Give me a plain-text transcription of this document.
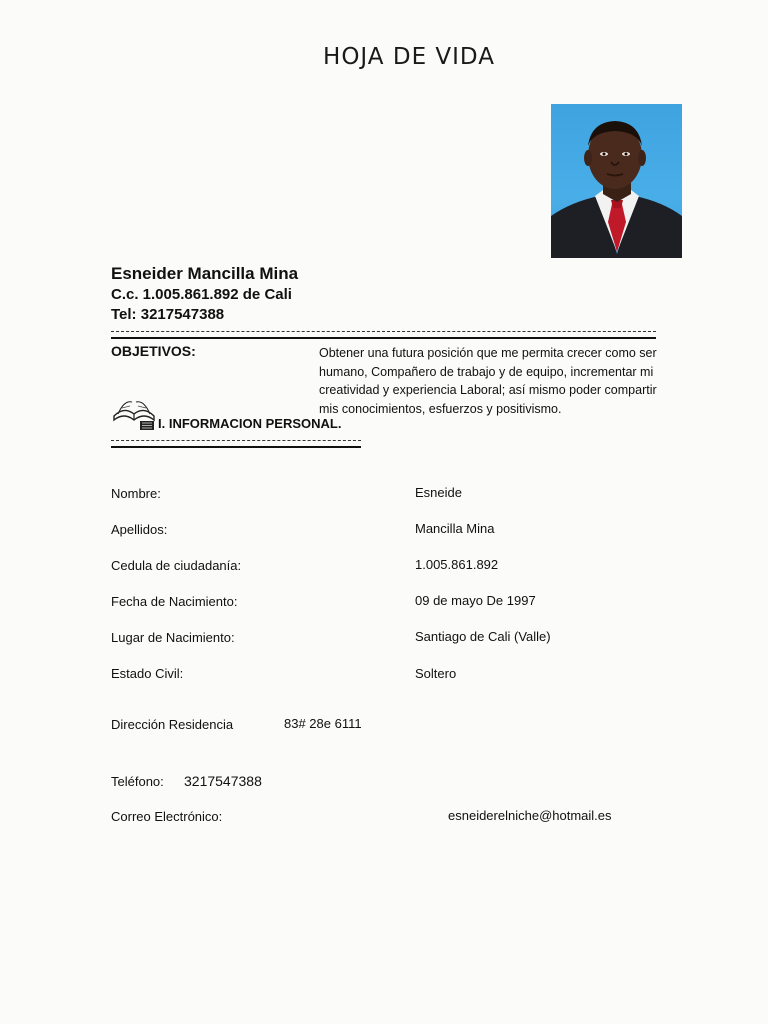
HOJA DE VIDA
Esneider Mancilla Mina
C.c. 1.005.861.892 de Cali
Tel: 3217547388
OBJETIVOS:	Obtener una futura posición que me permita crecer como ser humano, Compañero de trabajo y de equipo, incrementar mi creatividad y experiencia Laboral; así mismo poder compartir mis conocimientos, esfuerzos y positivismo.
I. INFORMACION PERSONAL.
Nombre:	Esneide
Apellidos:	Mancilla Mina
Cedula de ciudadanía:	1.005.861.892
Fecha de Nacimiento:	09 de mayo De 1997
Lugar de Nacimiento:	Santiago de Cali (Valle)
Estado Civil:	Soltero
Dirección Residencia	83# 28e 6111
Teléfono: 3217547388
Correo Electrónico:	esneiderelniche@hotmail.es
